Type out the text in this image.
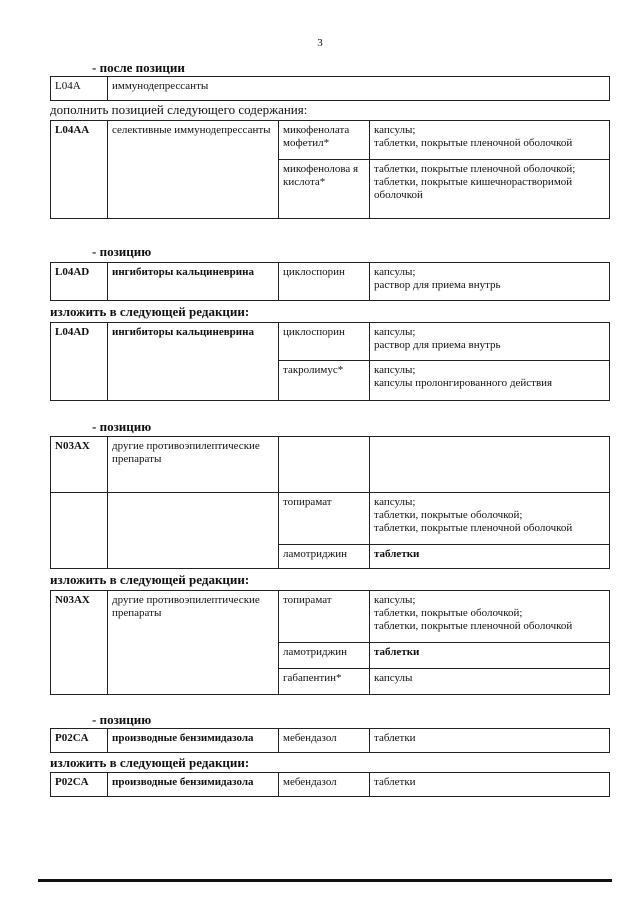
3
- после позиции
L04A	иммунодепрессанты
дополнить позицией следующего содержания:
L04AA	селективные иммунодепрессанты	микофенолата мофетил*	капсулы;
таблетки, покрытые пленочной оболочкой
		микофенолова я кислота*	таблетки, покрытые пленочной оболочкой;
таблетки, покрытые кишечнорастворимой оболочкой
- позицию
L04AD	ингибиторы кальциневрина	циклоспорин	капсулы;
раствор для приема внутрь
изложить в следующей редакции:
L04AD	ингибиторы кальциневрина	циклоспорин	капсулы;
раствор для приема внутрь
		такролимус*	капсулы;
капсулы пролонгированного действия
- позицию
N03AX	другие противоэпилептические препараты		
		топирамат	капсулы;
таблетки, покрытые оболочкой;
таблетки, покрытые пленочной оболочкой
		ламотриджин	таблетки
изложить в следующей редакции:
N03AX	другие противоэпилептические препараты	топирамат	капсулы;
таблетки, покрытые оболочкой;
таблетки, покрытые пленочной оболочкой
		ламотриджин	таблетки
		габапентин*	капсулы
- позицию
P02CA	производные бензимидазола	мебендазол	таблетки
изложить в следующей редакции:
P02CA	производные бензимидазола	мебендазол	таблетки
